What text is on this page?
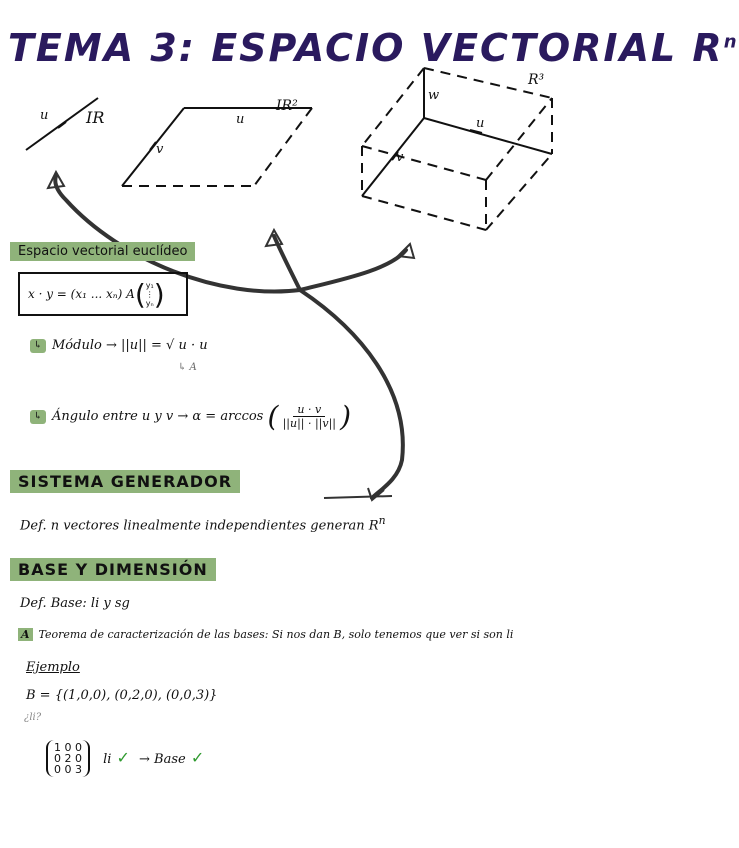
TEMA 3: ESPACIO VECTORIAL $R^n$
u IR	u
v
IR²
R³
u
w
v
Espacio vectorial euclídeo
x · y = (x₁ ... xₙ) A ( y₁
⋮
yₙ )
↳ Módulo → ||u|| = √ u · u
↳ A
↳ Ángulo entre u y v → α = arccos ( $\frac{u \cdot v}{||u|| \cdot ||v||}$ )
SISTEMA GENERADOR
Def. n vectores linealmente independientes generan $R^n$
BASE Y DIMENSIÓN
Def. Base: li y sg
A Teorema de caracterización de las bases: Si nos dan B, solo tenemos que ver si son li
Ejemplo
B = {(1,0,0), (0,2,0), (0,0,3)}
¿li?
1 0 0
0 2 0
0 0 3
li ✓ → Base ✓
